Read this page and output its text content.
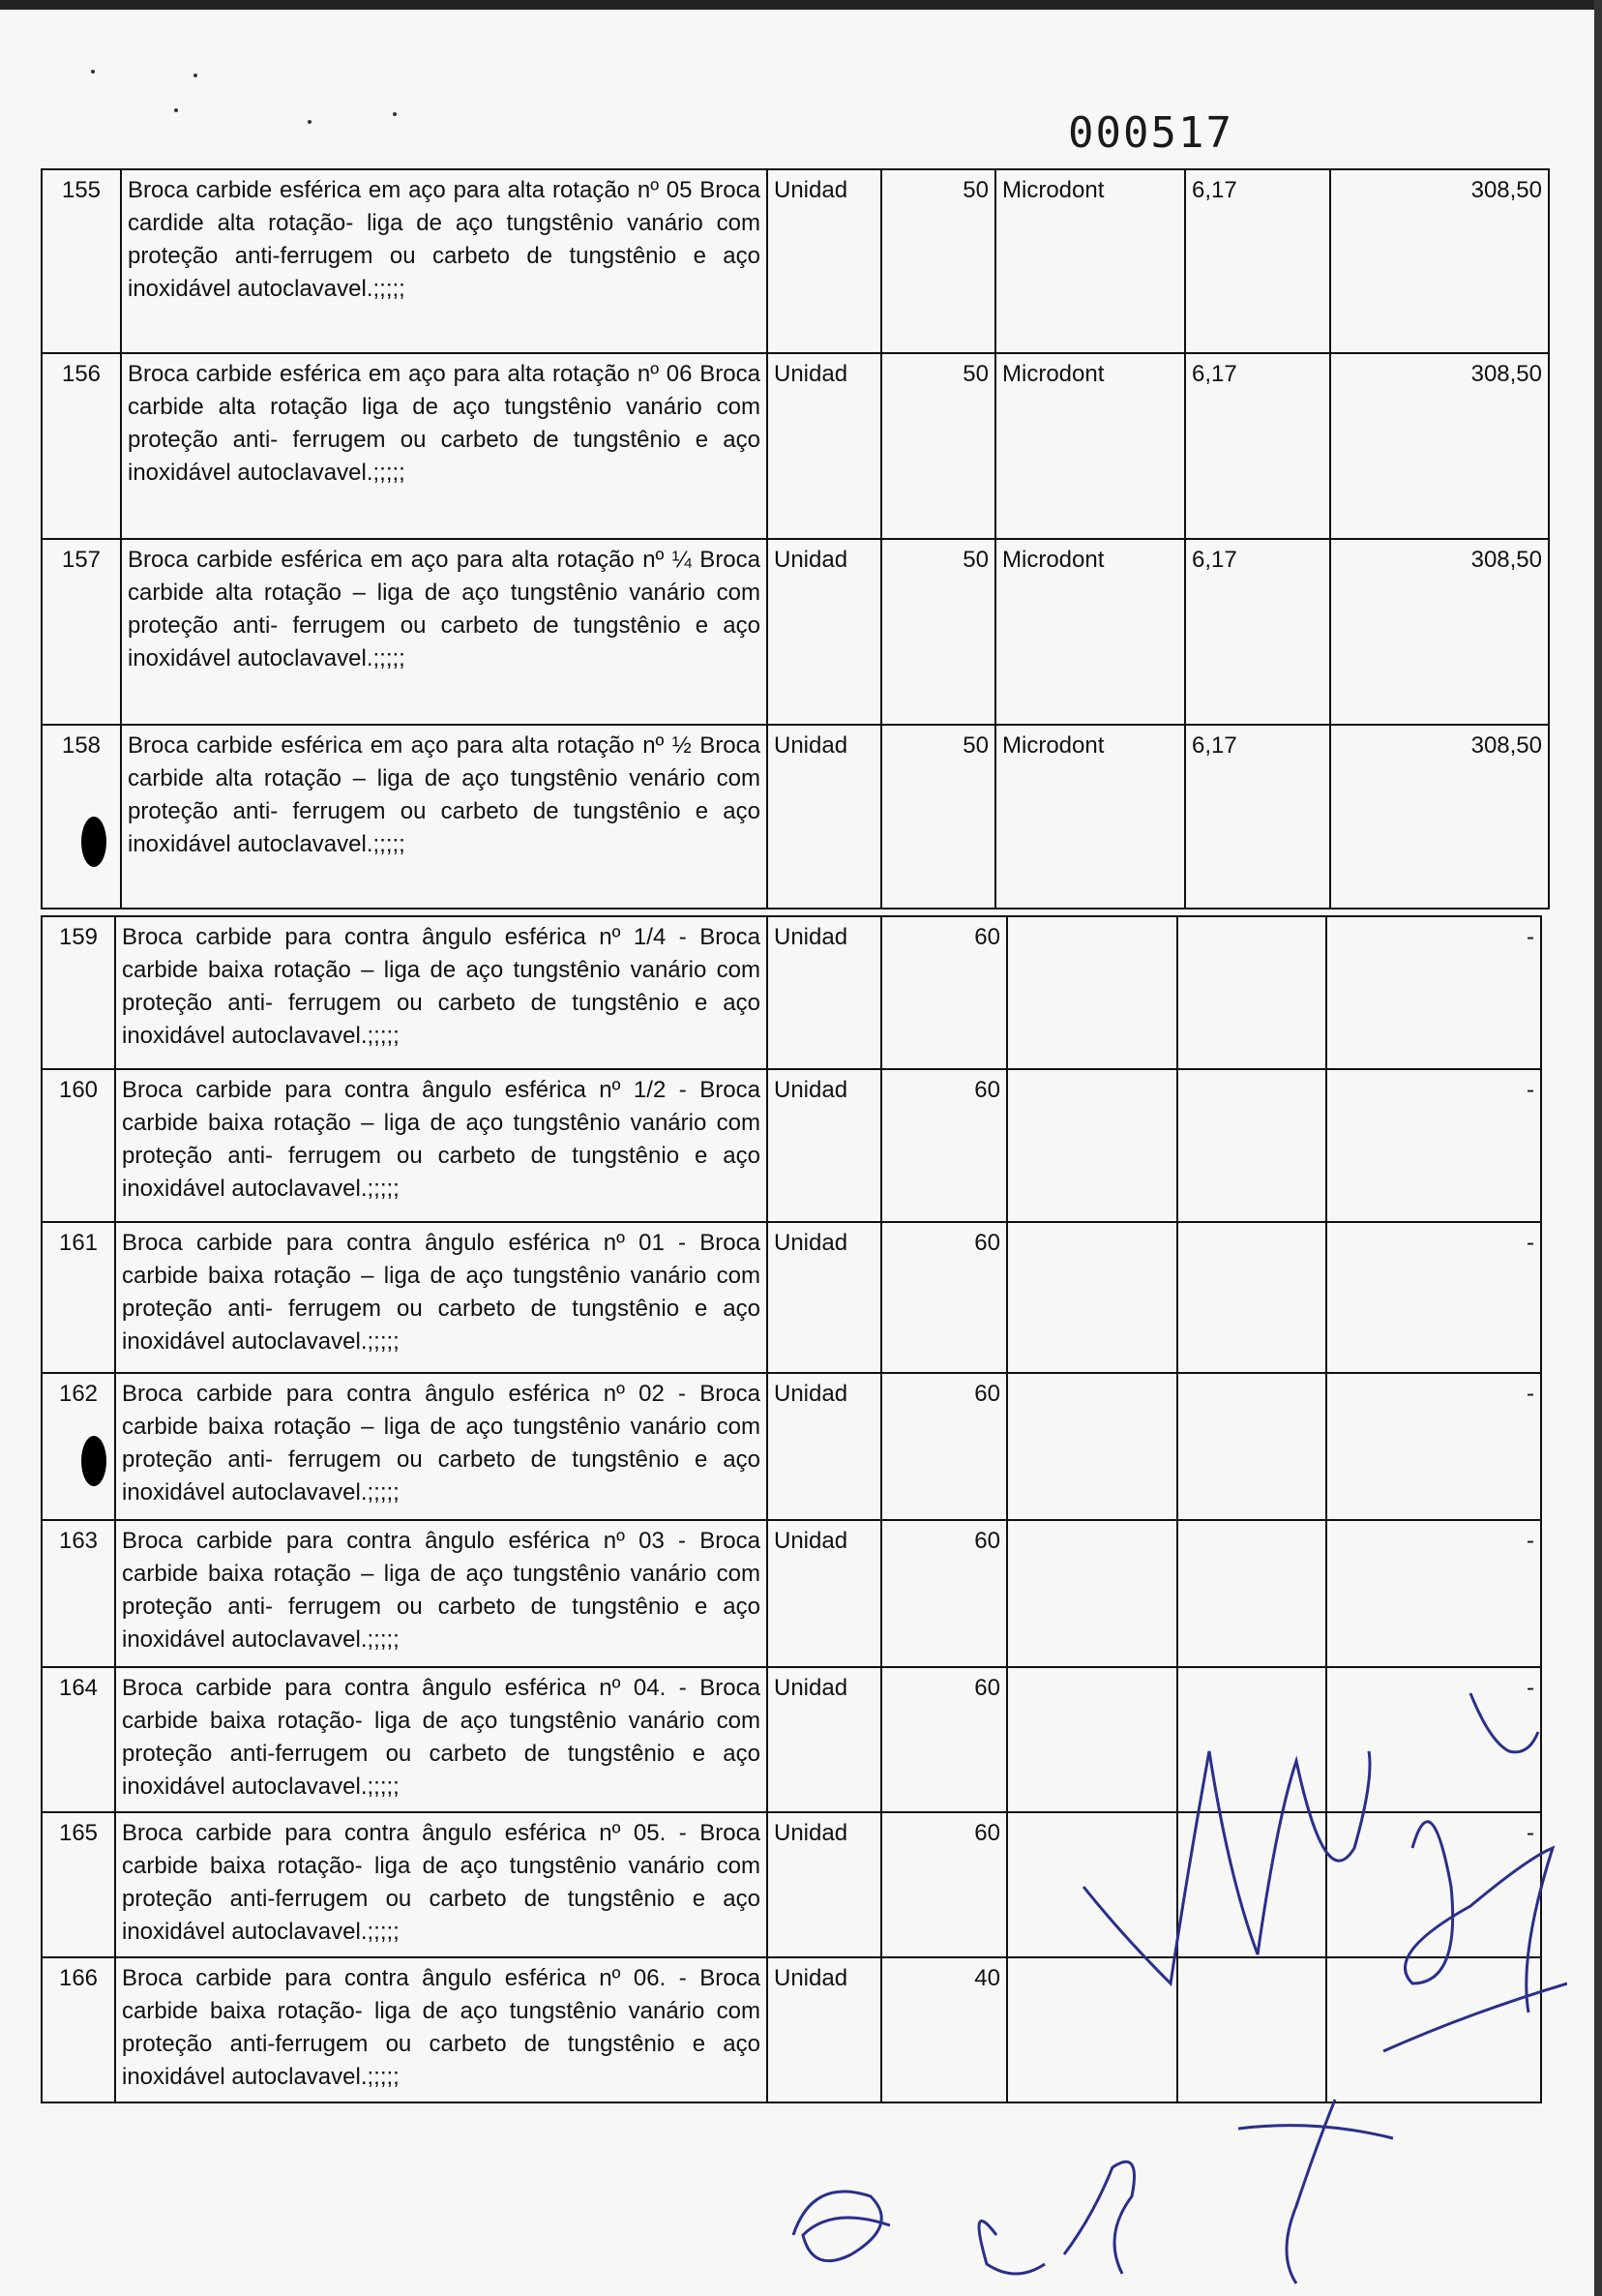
000517
155	Broca carbide esférica em aço para alta rotação nº 05 Broca cardide alta rotação- liga de aço tungstênio vanário com proteção anti-ferrugem ou carbeto de tungstênio e aço inoxidável autoclavavel.;;;;;	Unidad	50	Microdont	6,17	308,50
156	Broca carbide esférica em aço para alta rotação nº 06 Broca carbide alta rotação liga de aço tungstênio vanário com proteção anti- ferrugem ou carbeto de tungstênio e aço inoxidável autoclavavel.;;;;;	Unidad	50	Microdont	6,17	308,50
157	Broca carbide esférica em aço para alta rotação nº ¼ Broca carbide alta rotação – liga de aço tungstênio vanário com proteção anti- ferrugem ou carbeto de tungstênio e aço inoxidável autoclavavel.;;;;;	Unidad	50	Microdont	6,17	308,50
158	Broca carbide esférica em aço para alta rotação nº ½ Broca carbide alta rotação – liga de aço tungstênio venário com proteção anti- ferrugem ou carbeto de tungstênio e aço inoxidável autoclavavel.;;;;;	Unidad	50	Microdont	6,17	308,50
159	Broca carbide para contra ângulo esférica nº 1/4 - Broca carbide baixa rotação – liga de aço tungstênio vanário com proteção anti- ferrugem ou carbeto de tungstênio e aço inoxidável autoclavavel.;;;;;	Unidad	60			-
160	Broca carbide para contra ângulo esférica nº 1/2 - Broca carbide baixa rotação – liga de aço tungstênio vanário com proteção anti- ferrugem ou carbeto de tungstênio e aço inoxidável autoclavavel.;;;;;	Unidad	60			-
161	Broca carbide para contra ângulo esférica nº 01 - Broca carbide baixa rotação – liga de aço tungstênio vanário com proteção anti- ferrugem ou carbeto de tungstênio e aço inoxidável autoclavavel.;;;;;	Unidad	60			-
162	Broca carbide para contra ângulo esférica nº 02 - Broca carbide baixa rotação – liga de aço tungstênio vanário com proteção anti- ferrugem ou carbeto de tungstênio e aço inoxidável autoclavavel.;;;;;	Unidad	60			-
163	Broca carbide para contra ângulo esférica nº 03 - Broca carbide baixa rotação – liga de aço tungstênio vanário com proteção anti- ferrugem ou carbeto de tungstênio e aço inoxidável autoclavavel.;;;;;	Unidad	60			-
164	Broca carbide para contra ângulo esférica nº 04. - Broca carbide baixa rotação- liga de aço tungstênio vanário com proteção anti-ferrugem ou carbeto de tungstênio e aço inoxidável autoclavavel.;;;;;	Unidad	60			-
165	Broca carbide para contra ângulo esférica nº 05. - Broca carbide baixa rotação- liga de aço tungstênio vanário com proteção anti-ferrugem ou carbeto de tungstênio e aço inoxidável autoclavavel.;;;;;	Unidad	60			-
166	Broca carbide para contra ângulo esférica nº 06. - Broca carbide baixa rotação- liga de aço tungstênio vanário com proteção anti-ferrugem ou carbeto de tungstênio e aço inoxidável autoclavavel.;;;;;	Unidad	40			
